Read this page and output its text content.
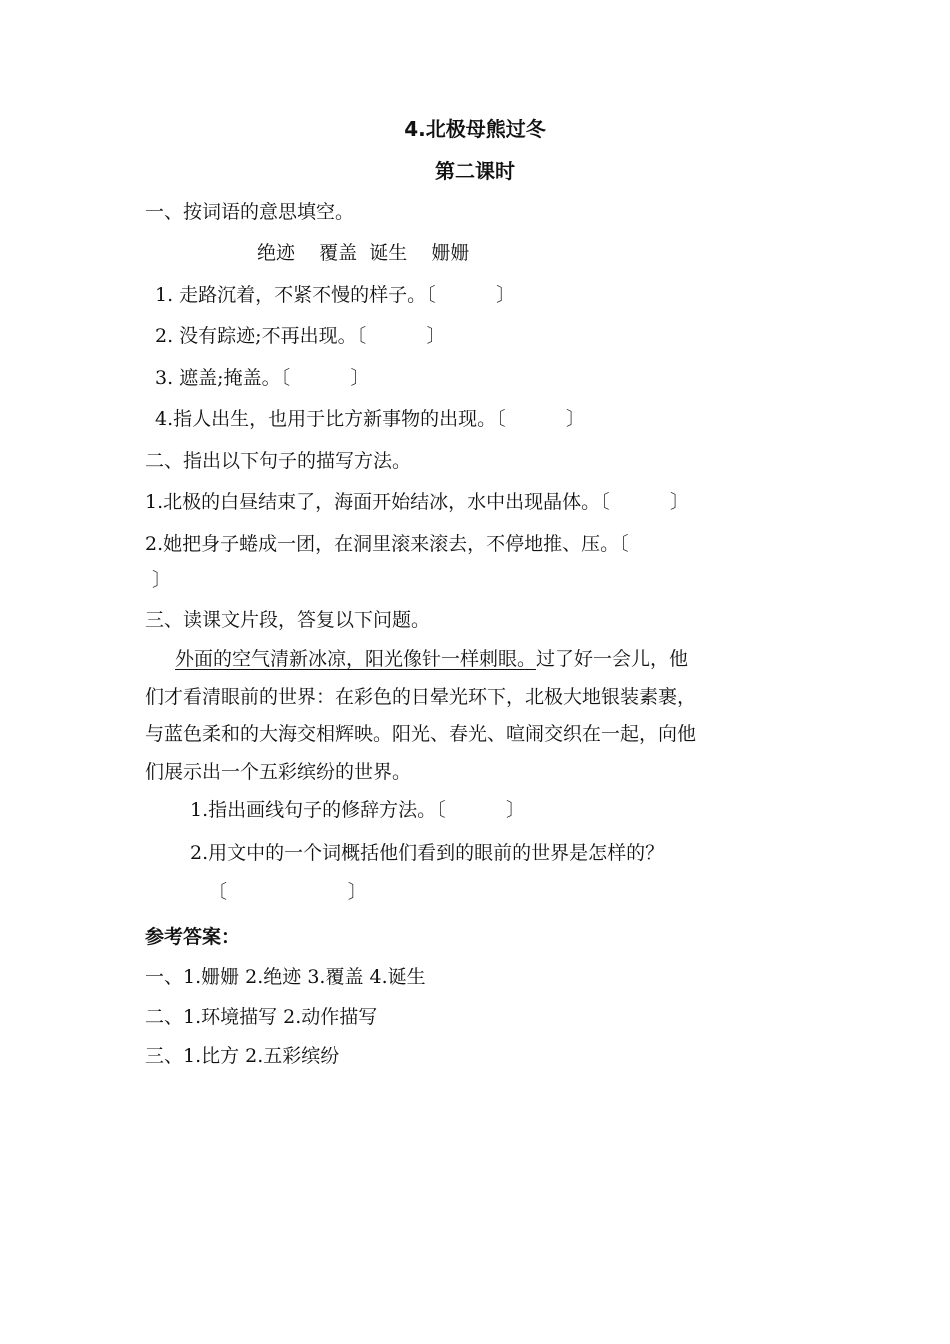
4.北极母熊过冬
第二课时
一、按词语的意思填空。
绝迹    覆盖  诞生    姗姗
1. 走路沉着，不紧不慢的样子。〔          〕
2. 没有踪迹;不再出现。〔          〕
3. 遮盖;掩盖。〔          〕
4.指人出生，也用于比方新事物的出现。〔          〕
二、指出以下句子的描写方法。
1.北极的白昼结束了，海面开始结冰，水中出现晶体。〔          〕
2.她把身子蜷成一团，在洞里滚来滚去，不停地推、压。〔
〕
三、读课文片段，答复以下问题。
外面的空气清新冰凉，阳光像针一样刺眼。过了好一会儿，他
们才看清眼前的世界：在彩色的日晕光环下，北极大地银装素裹，
与蓝色柔和的大海交相辉映。阳光、春光、喧闹交织在一起，向他
们展示出一个五彩缤纷的世界。
1.指出画线句子的修辞方法。〔          〕
2.用文中的一个词概括他们看到的眼前的世界是怎样的？
〔                    〕
参考答案：
一、1.姗姗 2.绝迹 3.覆盖 4.诞生
二、1.环境描写 2.动作描写
三、1.比方 2.五彩缤纷
